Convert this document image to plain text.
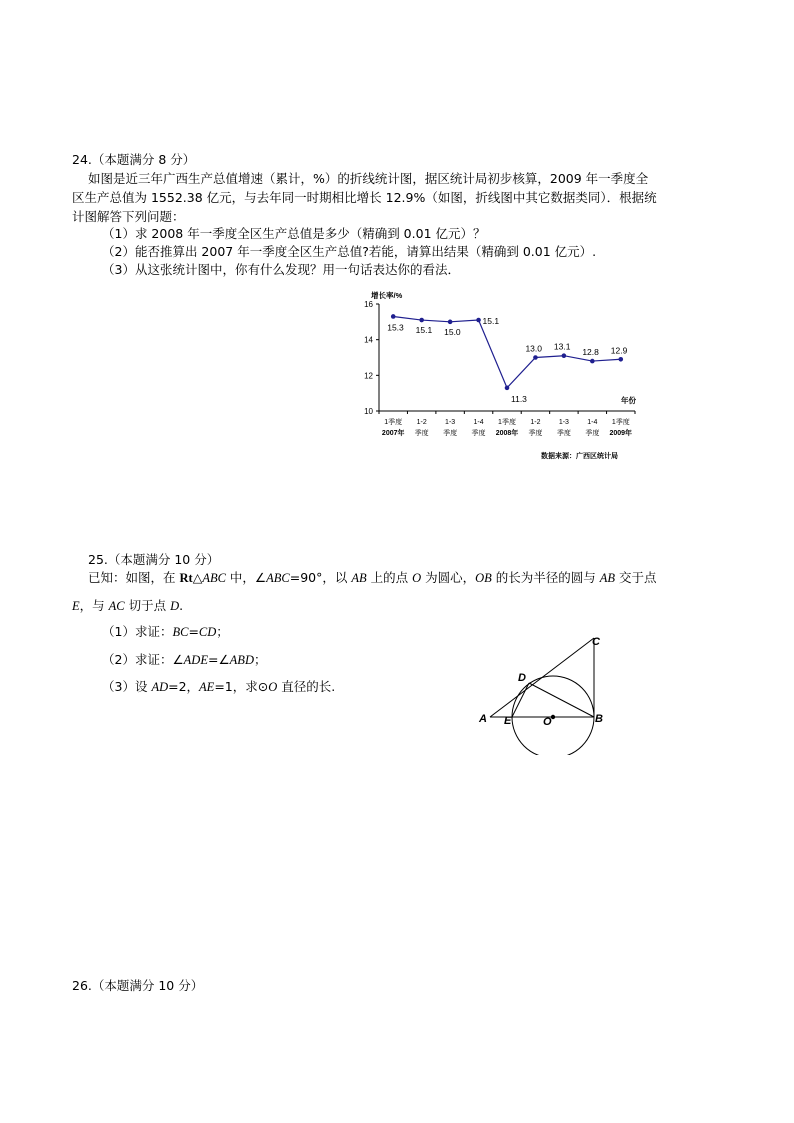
24.（本题满分 8 分）
如图是近三年广西生产总值增速（累计，%）的折线统计图，据区统计局初步核算，2009 年一季度全
区生产总值为 1552.38 亿元，与去年同一时期相比增长 12.9%（如图，折线图中其它数据类同）．根据统
计图解答下列问题：
（1）求 2008 年一季度全区生产总值是多少（精确到 0.01 亿元）？
（2）能否推算出 2007 年一季度全区生产总值?若能，请算出结果（精确到 0.01 亿元）.
（3）从这张统计图中，你有什么发现？用一句话表达你的看法．
增长率/%
年份
数据来源：广西区统计局
10
12
14
16
1季度
2007年
1-2
季度
1-3
季度
1-4
季度
1季度
2008年
1-2
季度
1-3
季度
1-4
季度
1季度
2009年
15.3 15.1 15.0
15.1
11.3
13.0 13.1
12.8 12.9
25.（本题满分 10 分）
已知：如图，在 Rt△ABC 中，∠ABC=90°，以 AB 上的点 O 为圆心，OB 的长为半径的圆与 AB 交于点
E，与 AC 切于点 D.
（1）求证：BC=CD；
（2）求证：∠ADE=∠ABD；
（3）设 AD=2，AE=1，求⊙O 直径的长.
A	B
C
D
E	O
26.（本题满分 10 分）
